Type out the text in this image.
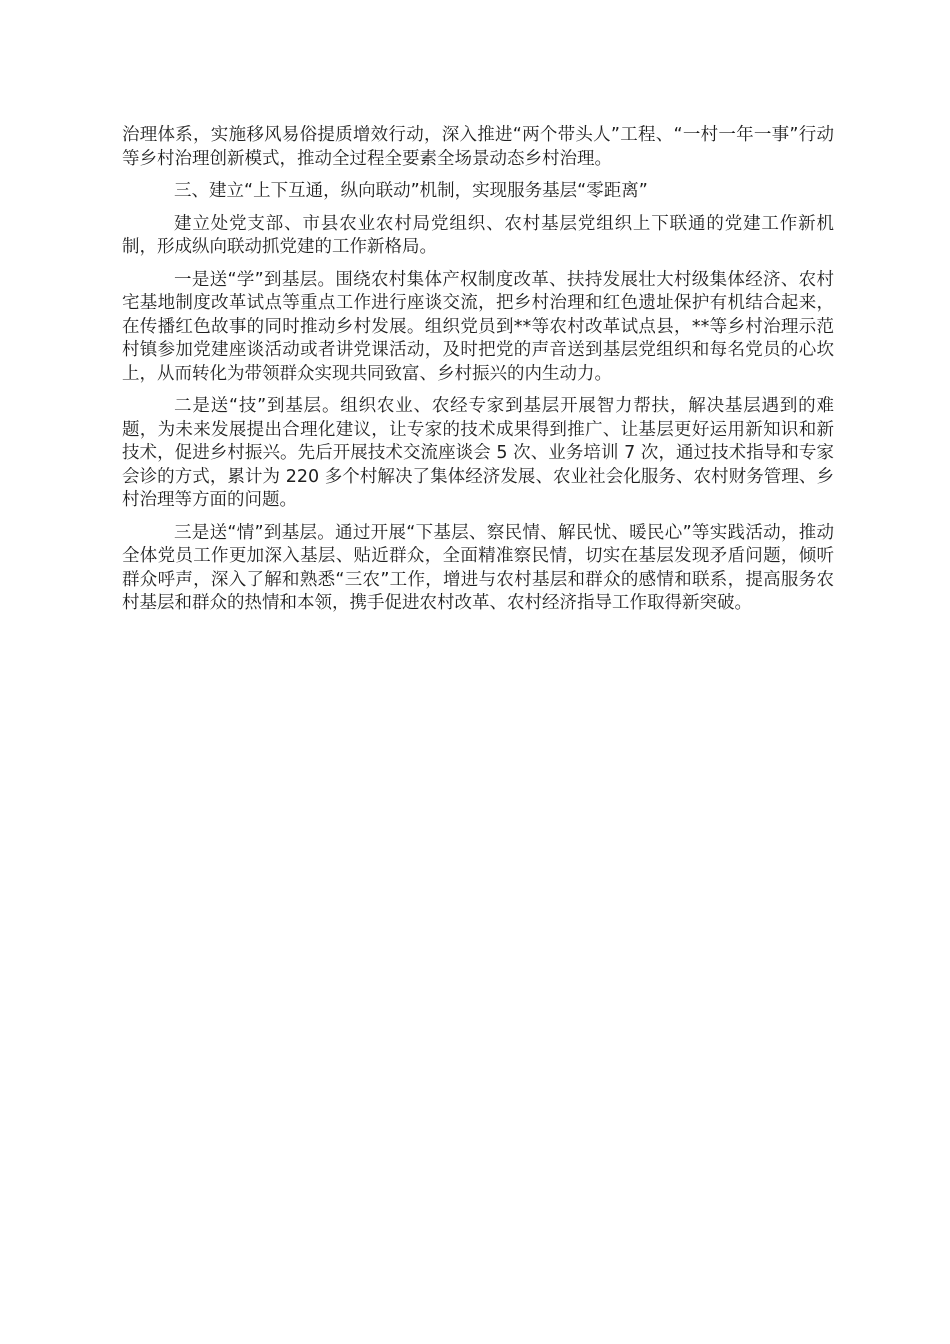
治理体系，实施移风易俗提质增效行动，深入推进“两个带头人”工程、“一村一年一事”行动等乡村治理创新模式，推动全过程全要素全场景动态乡村治理。

三、建立“上下互通，纵向联动”机制，实现服务基层“零距离”

建立处党支部、市县农业农村局党组织、农村基层党组织上下联通的党建工作新机制，形成纵向联动抓党建的工作新格局。

一是送“学”到基层。围绕农村集体产权制度改革、扶持发展壮大村级集体经济、农村宅基地制度改革试点等重点工作进行座谈交流，把乡村治理和红色遗址保护有机结合起来，在传播红色故事的同时推动乡村发展。组织党员到**等农村改革试点县，**等乡村治理示范村镇参加党建座谈活动或者讲党课活动，及时把党的声音送到基层党组织和每名党员的心坎上，从而转化为带领群众实现共同致富、乡村振兴的内生动力。

二是送“技”到基层。组织农业、农经专家到基层开展智力帮扶，解决基层遇到的难题，为未来发展提出合理化建议，让专家的技术成果得到推广、让基层更好运用新知识和新技术，促进乡村振兴。先后开展技术交流座谈会 5 次、业务培训 7 次，通过技术指导和专家会诊的方式，累计为 220 多个村解决了集体经济发展、农业社会化服务、农村财务管理、乡村治理等方面的问题。

三是送“情”到基层。通过开展“下基层、察民情、解民忧、暖民心”等实践活动，推动全体党员工作更加深入基层、贴近群众，全面精准察民情，切实在基层发现矛盾问题，倾听群众呼声，深入了解和熟悉“三农”工作，增进与农村基层和群众的感情和联系，提高服务农村基层和群众的热情和本领，携手促进农村改革、农村经济指导工作取得新突破。
